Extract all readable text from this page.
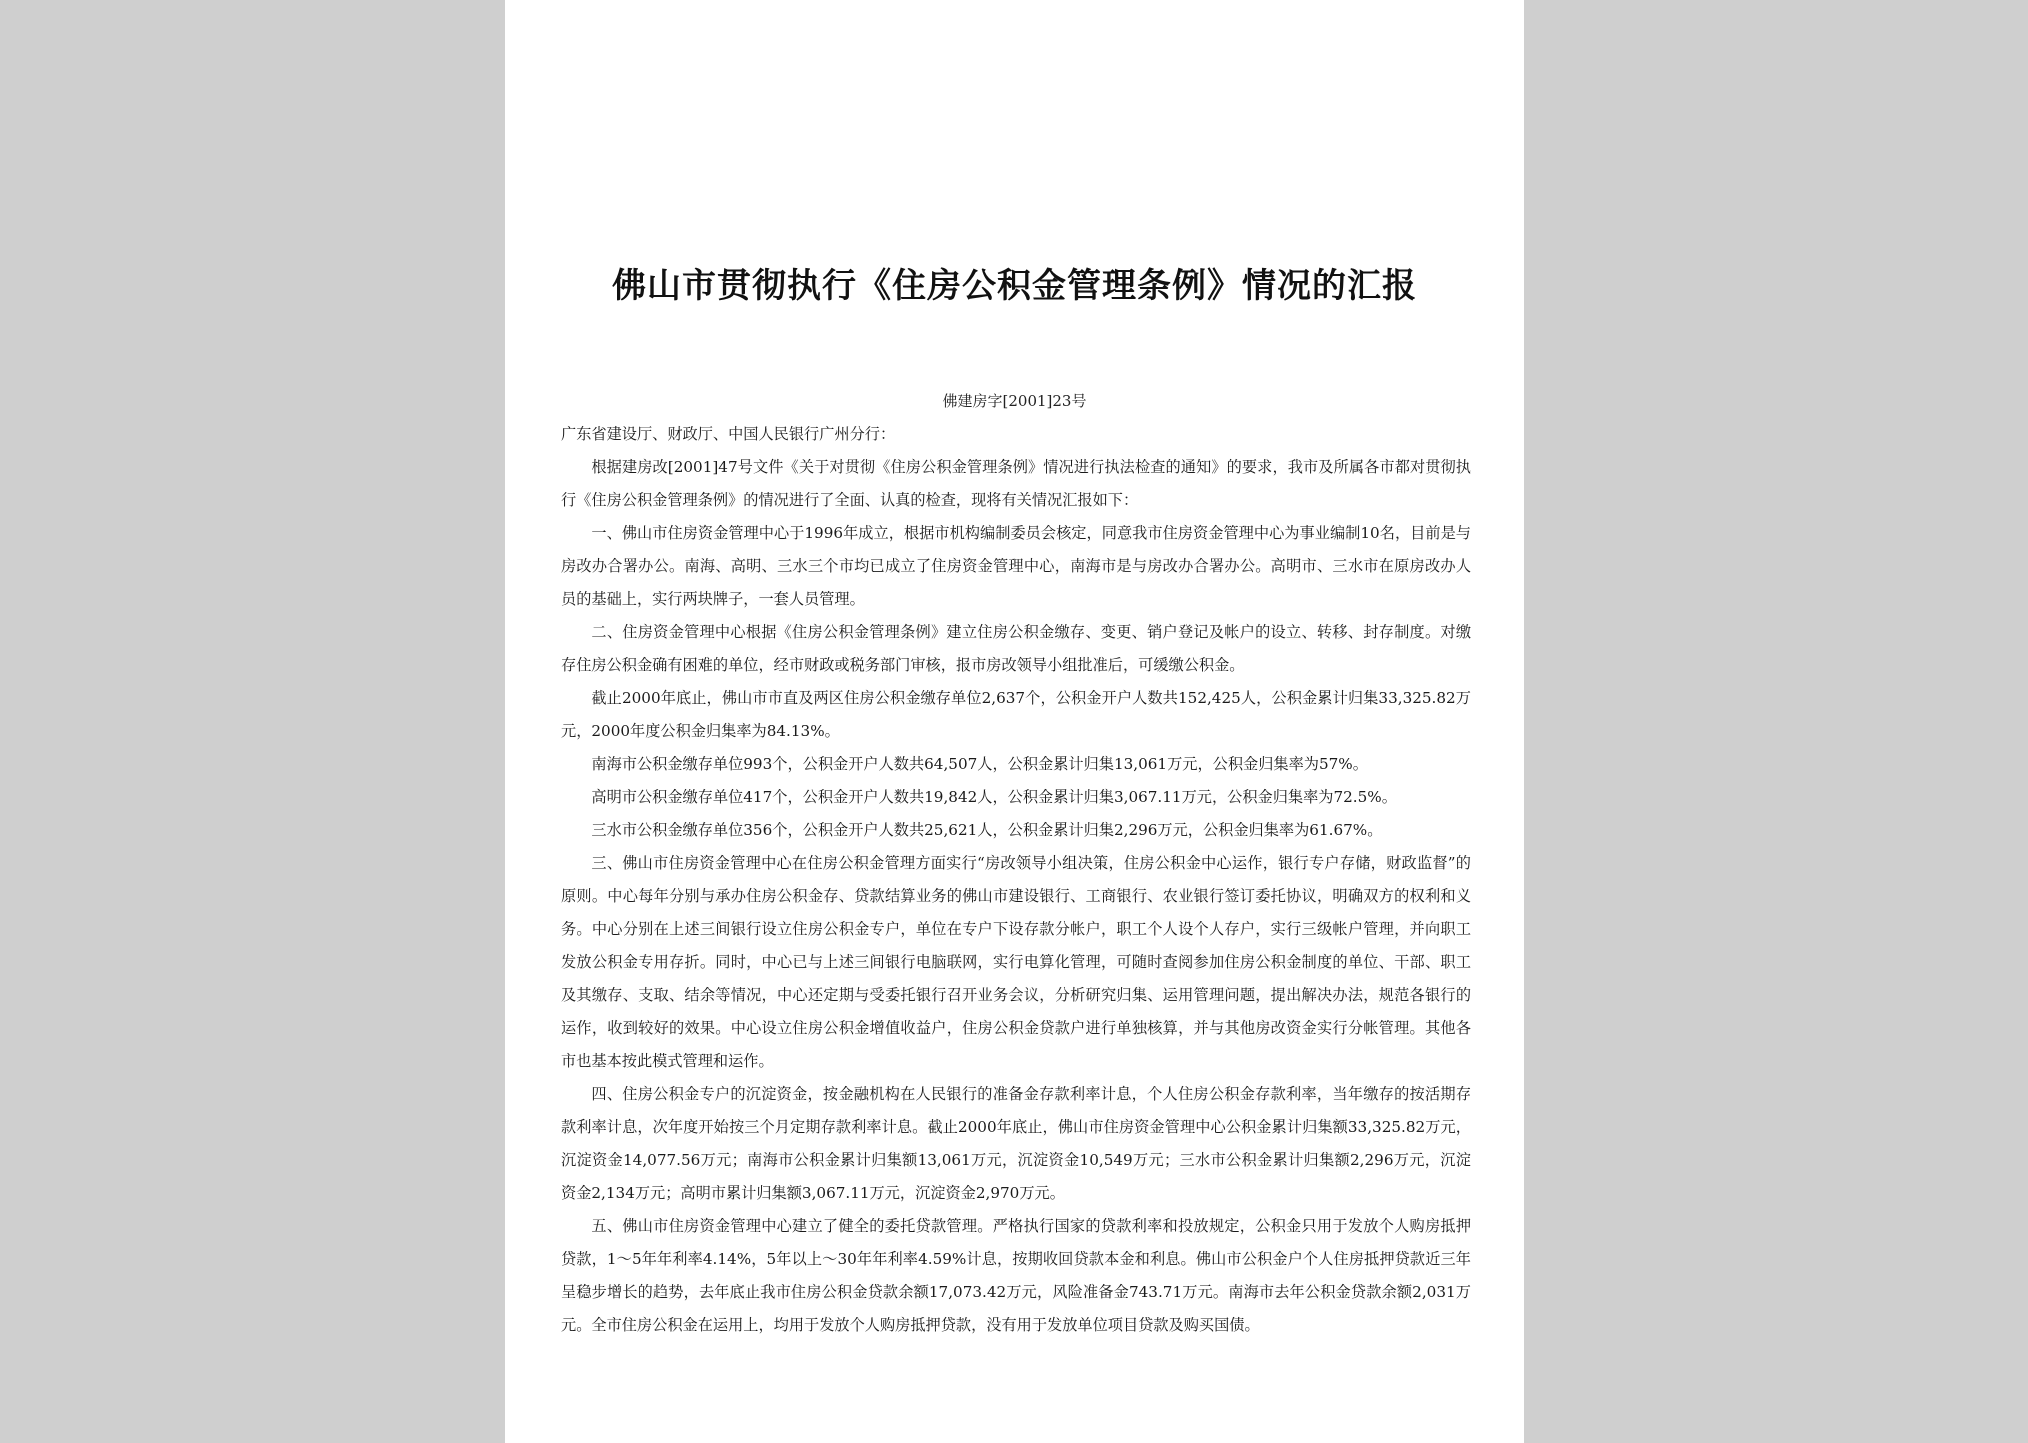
佛山市贯彻执行《住房公积金管理条例》情况的汇报
佛建房字[2001]23号

广东省建设厅、财政厅、中国人民银行广州分行：

根据建房改[2001]47号文件《关于对贯彻《住房公积金管理条例》情况进行执法检查的通知》的要求，我市及所属各市都对贯彻执行《住房公积金管理条例》的情况进行了全面、认真的检查，现将有关情况汇报如下：

一、佛山市住房资金管理中心于1996年成立，根据市机构编制委员会核定，同意我市住房资金管理中心为事业编制10名，目前是与房改办合署办公。南海、高明、三水三个市均已成立了住房资金管理中心，南海市是与房改办合署办公。高明市、三水市在原房改办人员的基础上，实行两块牌子，一套人员管理。

二、住房资金管理中心根据《住房公积金管理条例》建立住房公积金缴存、变更、销户登记及帐户的设立、转移、封存制度。对缴存住房公积金确有困难的单位，经市财政或税务部门审核，报市房改领导小组批准后，可缓缴公积金。

截止2000年底止，佛山市市直及两区住房公积金缴存单位2,637个，公积金开户人数共152,425人，公积金累计归集33,325.82万元，2000年度公积金归集率为84.13%。

南海市公积金缴存单位993个，公积金开户人数共64,507人，公积金累计归集13,061万元，公积金归集率为57%。

高明市公积金缴存单位417个，公积金开户人数共19,842人，公积金累计归集3,067.11万元，公积金归集率为72.5%。

三水市公积金缴存单位356个，公积金开户人数共25,621人，公积金累计归集2,296万元，公积金归集率为61.67%。

三、佛山市住房资金管理中心在住房公积金管理方面实行“房改领导小组决策，住房公积金中心运作，银行专户存储，财政监督”的原则。中心每年分别与承办住房公积金存、贷款结算业务的佛山市建设银行、工商银行、农业银行签订委托协议，明确双方的权利和义务。中心分别在上述三间银行设立住房公积金专户，单位在专户下设存款分帐户，职工个人设个人存户，实行三级帐户管理，并向职工发放公积金专用存折。同时，中心已与上述三间银行电脑联网，实行电算化管理，可随时查阅参加住房公积金制度的单位、干部、职工及其缴存、支取、结余等情况，中心还定期与受委托银行召开业务会议，分析研究归集、运用管理问题，提出解决办法，规范各银行的运作，收到较好的效果。中心设立住房公积金增值收益户，住房公积金贷款户进行单独核算，并与其他房改资金实行分帐管理。其他各市也基本按此模式管理和运作。

四、住房公积金专户的沉淀资金，按金融机构在人民银行的准备金存款利率计息，个人住房公积金存款利率，当年缴存的按活期存款利率计息，次年度开始按三个月定期存款利率计息。截止2000年底止，佛山市住房资金管理中心公积金累计归集额33,325.82万元，沉淀资金14,077.56万元；南海市公积金累计归集额13,061万元，沉淀资金10,549万元；三水市公积金累计归集额2,296万元，沉淀资金2,134万元；高明市累计归集额3,067.11万元，沉淀资金2,970万元。

五、佛山市住房资金管理中心建立了健全的委托贷款管理。严格执行国家的贷款利率和投放规定，公积金只用于发放个人购房抵押贷款，1～5年年利率4.14%，5年以上～30年年利率4.59%计息，按期收回贷款本金和利息。佛山市公积金户个人住房抵押贷款近三年呈稳步增长的趋势，去年底止我市住房公积金贷款余额17,073.42万元，风险准备金743.71万元。南海市去年公积金贷款余额2,031万元。全市住房公积金在运用上，均用于发放个人购房抵押贷款，没有用于发放单位项目贷款及购买国债。
